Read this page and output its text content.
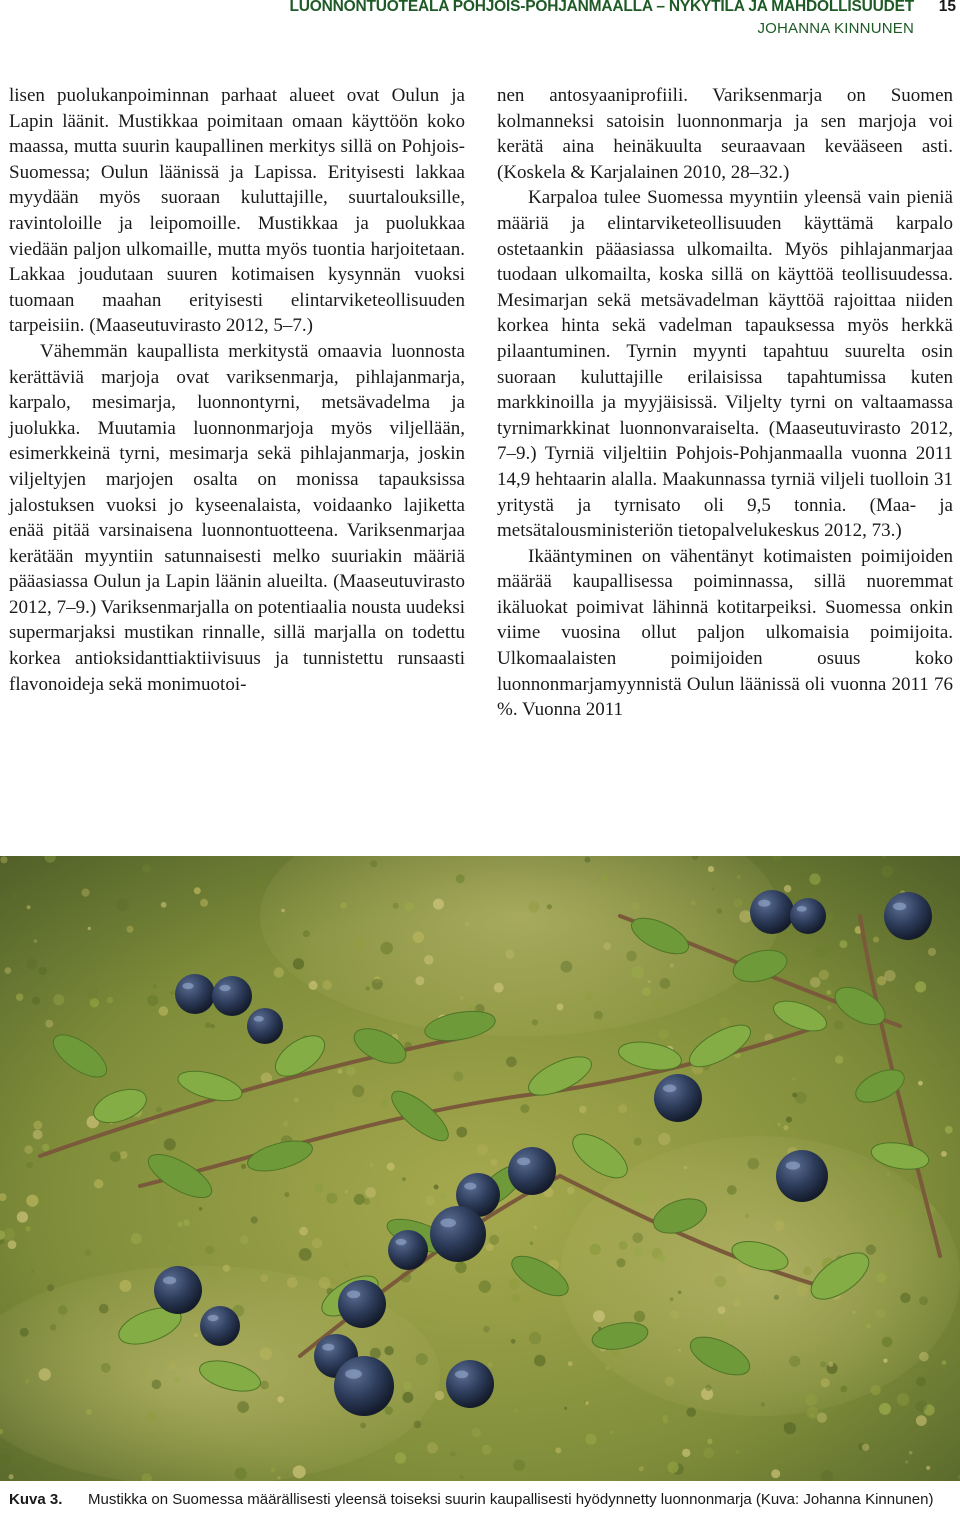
LUONNONTUOTEALA POHJOIS-POHJANMAALLA – NYKYTILA JA MAHDOLLISUUDET 15
JOHANNA KINNUNEN

lisen puolukanpoiminnan parhaat alueet ovat Oulun ja Lapin läänit. Mustikkaa poimitaan omaan käyttöön koko maassa, mutta suurin kaupallinen merkitys sillä on Pohjois-Suomessa; Oulun läänissä ja Lapissa. Erityisesti lakkaa myydään myös suoraan kuluttajille, suurtalouksille, ravintoloille ja leipomoille. Mustikkaa ja puolukkaa viedään paljon ulkomaille, mutta myös tuontia harjoitetaan. Lakkaa joudutaan suuren kotimaisen kysynnän vuoksi tuomaan maahan erityisesti elintarviketeollisuuden tarpeisiin. (Maaseutuvirasto 2012, 5–7.)

Vähemmän kaupallista merkitystä omaavia luonnosta kerättäviä marjoja ovat variksenmarja, pihlajanmarja, karpalo, mesimarja, luonnontyrni, metsävadelma ja juolukka. Muutamia luonnonmarjoja myös viljellään, esimerkkeinä tyrni, mesimarja sekä pihlajanmarja, joskin viljeltyjen marjojen osalta on monissa tapauksissa jalostuksen vuoksi jo kyseenalaista, voidaanko lajiketta enää pitää varsinaisena luonnontuotteena. Variksenmarjaa kerätään myyntiin satunnaisesti melko suuriakin määriä pääasiassa Oulun ja Lapin läänin alueilta. (Maaseutuvirasto 2012, 7–9.) Variksenmarjalla on potentiaalia nousta uudeksi supermarjaksi mustikan rinnalle, sillä marjalla on todettu korkea antioksidanttiaktiivisuus ja tunnistettu runsaasti flavonoideja sekä monimuotoi-

nen antosyaaniprofiili. Variksenmarja on Suomen kolmanneksi satoisin luonnonmarja ja sen marjoja voi kerätä aina heinäkuulta seuraavaan kevääseen asti. (Koskela & Karjalainen 2010, 28–32.)

Karpaloa tulee Suomessa myyntiin yleensä vain pieniä määriä ja elintarviketeollisuuden käyttämä karpalo ostetaankin pääasiassa ulkomailta. Myös pihlajanmarjaa tuodaan ulkomailta, koska sillä on käyttöä teollisuudessa. Mesimarjan sekä metsävadelman käyttöä rajoittaa niiden korkea hinta sekä vadelman tapauksessa myös herkkä pilaantuminen. Tyrnin myynti tapahtuu suurelta osin suoraan kuluttajille erilaisissa tapahtumissa kuten markkinoilla ja myyjäisissä. Viljelty tyrni on valtaamassa tyrnimarkkinat luonnonvaraiselta. (Maaseutuvirasto 2012, 7–9.) Tyrniä viljeltiin Pohjois-Pohjanmaalla vuonna 2011 14,9 hehtaarin alalla. Maakunnassa tyrniä viljeli tuolloin 31 yritystä ja tyrnisato oli 9,5 tonnia. (Maa- ja metsätalousministeriön tietopalvelukeskus 2012, 73.)

Ikääntyminen on vähentänyt kotimaisten poimijoiden määrää kaupallisessa poiminnassa, sillä nuoremmat ikäluokat poimivat lähinnä kotitarpeiksi. Suomessa onkin viime vuosina ollut paljon ulkomaisia poimijoita. Ulkomaalaisten poimijoiden osuus koko luonnonmarjamyynnistä Oulun läänissä oli vuonna 2011 76 %. Vuonna 2011

Kuva 3. Mustikka on Suomessa määrällisesti yleensä toiseksi suurin kaupallisesti hyödynnetty luonnonmarja (Kuva: Johanna Kinnunen)
